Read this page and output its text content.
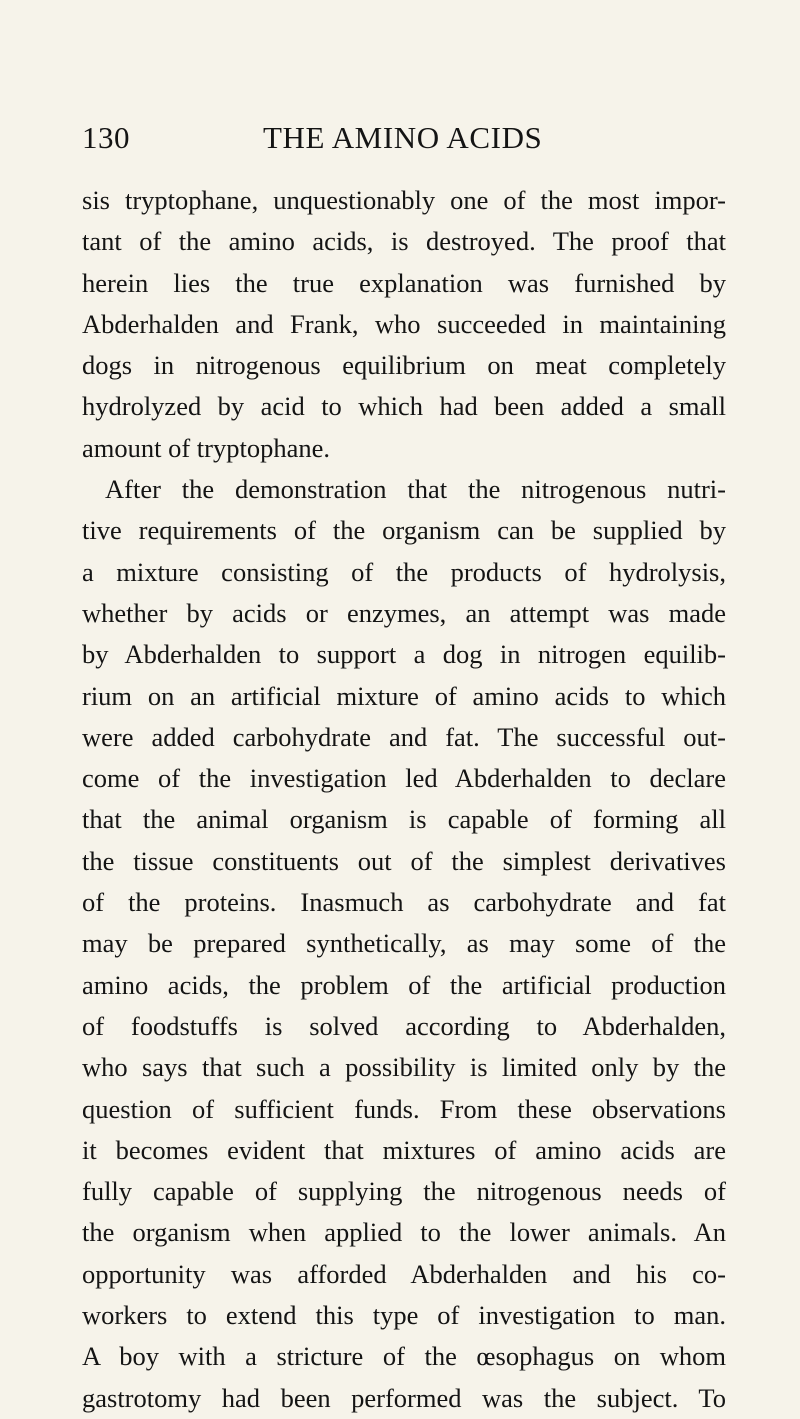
130	THE AMINO ACIDS
sis tryptophane, unquestionably one of the most impor-
tant of the amino acids, is destroyed. The proof that
herein lies the true explanation was furnished by
Abderhalden and Frank, who succeeded in maintaining
dogs in nitrogenous equilibrium on meat completely
hydrolyzed by acid to which had been added a small
amount of tryptophane.
After the demonstration that the nitrogenous nutri-
tive requirements of the organism can be supplied by
a mixture consisting of the products of hydrolysis,
whether by acids or enzymes, an attempt was made
by Abderhalden to support a dog in nitrogen equilib-
rium on an artificial mixture of amino acids to which
were added carbohydrate and fat. The successful out-
come of the investigation led Abderhalden to declare
that the animal organism is capable of forming all
the tissue constituents out of the simplest derivatives
of the proteins. Inasmuch as carbohydrate and fat
may be prepared synthetically, as may some of the
amino acids, the problem of the artificial production
of foodstuffs is solved according to Abderhalden,
who says that such a possibility is limited only by the
question of sufficient funds. From these observations
it becomes evident that mixtures of amino acids are
fully capable of supplying the nitrogenous needs of
the organism when applied to the lower animals. An
opportunity was afforded Abderhalden and his co-
workers to extend this type of investigation to man.
A boy with a stricture of the œsophagus on whom
gastrotomy had been performed was the subject. To
